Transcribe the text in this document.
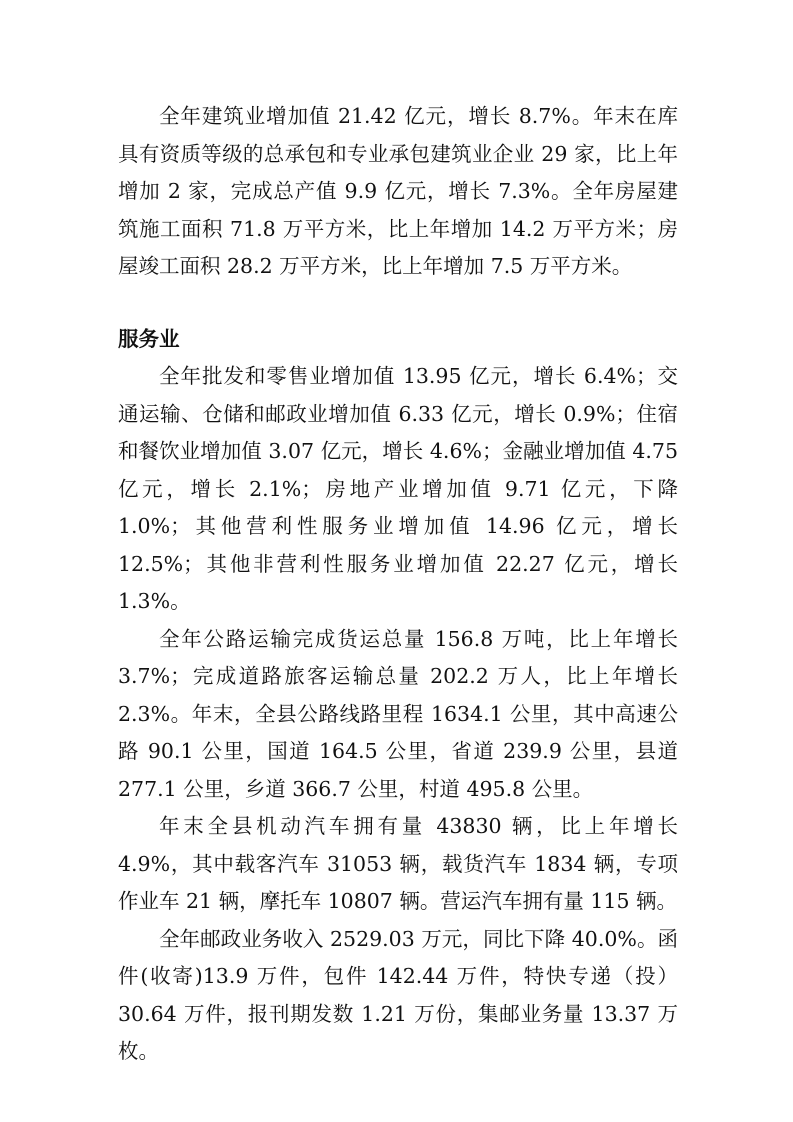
全年建筑业增加值 21.42 亿元，增长 8.7%。年末在库具有资质等级的总承包和专业承包建筑业企业 29 家，比上年增加 2 家，完成总产值 9.9 亿元，增长 7.3%。全年房屋建筑施工面积 71.8 万平方米，比上年增加 14.2 万平方米；房屋竣工面积 28.2 万平方米，比上年增加 7.5 万平方米。

服务业

全年批发和零售业增加值 13.95 亿元，增长 6.4%；交通运输、仓储和邮政业增加值 6.33 亿元，增长 0.9%；住宿和餐饮业增加值 3.07 亿元，增长 4.6%；金融业增加值 4.75 亿元，增长 2.1%；房地产业增加值 9.71 亿元，下降 1.0%；其他营利性服务业增加值 14.96 亿元，增长 12.5%；其他非营利性服务业增加值 22.27 亿元，增长 1.3%。

全年公路运输完成货运总量 156.8 万吨，比上年增长 3.7%；完成道路旅客运输总量 202.2 万人，比上年增长 2.3%。年末，全县公路线路里程 1634.1 公里，其中高速公路 90.1 公里，国道 164.5 公里，省道 239.9 公里，县道 277.1 公里，乡道 366.7 公里，村道 495.8 公里。

年末全县机动汽车拥有量 43830 辆，比上年增长 4.9%，其中载客汽车 31053 辆，载货汽车 1834 辆，专项作业车 21 辆，摩托车 10807 辆。营运汽车拥有量 115 辆。

全年邮政业务收入 2529.03 万元，同比下降 40.0%。函件(收寄)13.9 万件，包件 142.44 万件，特快专递（投）30.64 万件，报刊期发数 1.21 万份，集邮业务量 13.37 万枚。
